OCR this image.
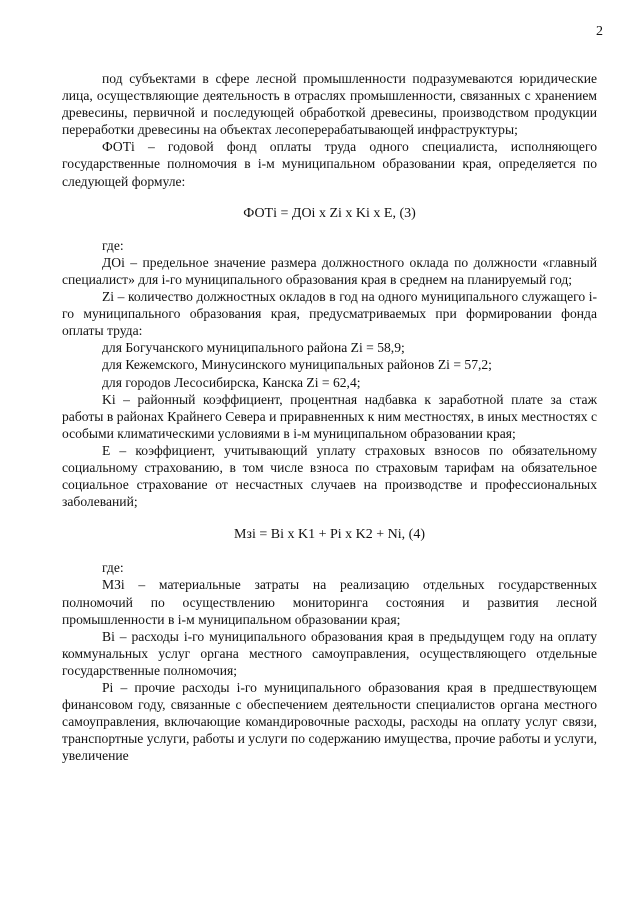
2

под субъектами в сфере лесной промышленности подразумеваются юридические лица, осуществляющие деятельность в отраслях промышленности, связанных с хранением древесины, первичной и последующей обработкой древесины, производством продукции переработки древесины на объектах лесоперерабатывающей инфраструктуры;

ФОТi – годовой фонд оплаты труда одного специалиста, исполняющего государственные полномочия в i-м муниципальном образовании края, определяется по следующей формуле:

ФОТi = ДОi x Zi x Ki x E, (3)

где:

ДОi – предельное значение размера должностного оклада по должности «главный специалист» для i-го муниципального образования края в среднем на планируемый год;

Zi – количество должностных окладов в год на одного муниципального служащего i-го муниципального образования края, предусматриваемых при формировании фонда оплаты труда:

для Богучанского муниципального района Zi = 58,9;

для Кежемского, Минусинского муниципальных районов Zi = 57,2;

для городов Лесосибирска, Канска Zi = 62,4;

Ki – районный коэффициент, процентная надбавка к заработной плате за стаж работы в районах Крайнего Севера и приравненных к ним местностях, в иных местностях с особыми климатическими условиями в i-м муниципальном образовании края;

Е – коэффициент, учитывающий уплату страховых взносов по обязательному социальному страхованию, в том числе взноса по страховым тарифам на обязательное социальное страхование от несчастных случаев на производстве и профессиональных заболеваний;

Мзi = Вi x K1 + Pi x K2 + Ni, (4)

где:

МЗi – материальные затраты на реализацию отдельных государственных полномочий по осуществлению мониторинга состояния и развития лесной промышленности в i-м муниципальном образовании края;

Вi – расходы i-го муниципального образования края в предыдущем году на оплату коммунальных услуг органа местного самоуправления, осуществляющего отдельные государственные полномочия;

Рi – прочие расходы i-го муниципального образования края в предшествующем финансовом году, связанные с обеспечением деятельности специалистов органа местного самоуправления, включающие командировочные расходы, расходы на оплату услуг связи, транспортные услуги, работы и услуги по содержанию имущества, прочие работы и услуги, увеличение
